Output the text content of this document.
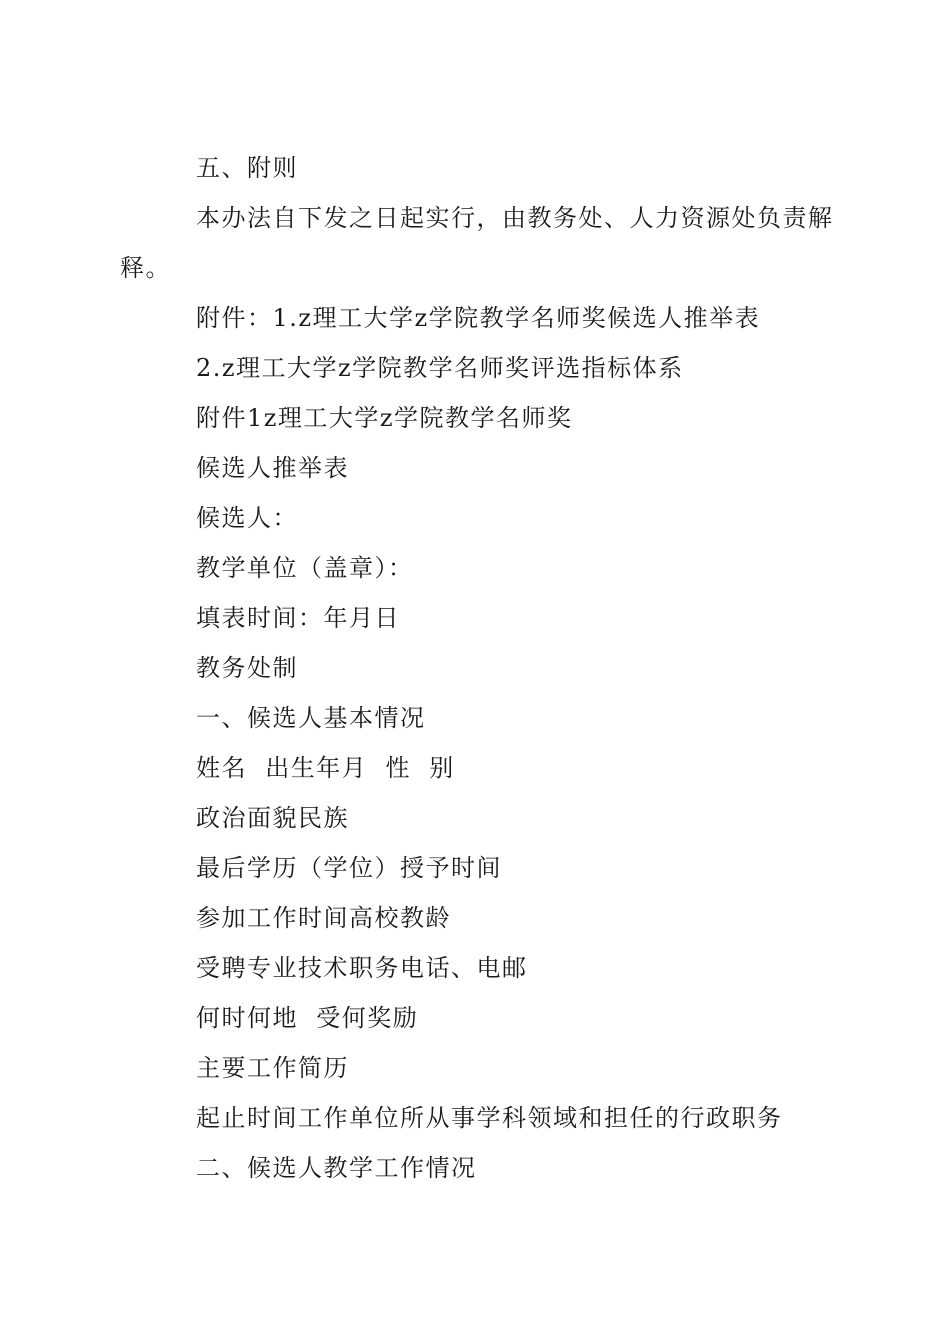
五、附则
本办法自下发之日起实行，由教务处、人力资源处负责解
释。
附件：1.z理工大学z学院教学名师奖候选人推举表
2.z理工大学z学院教学名师奖评选指标体系
附件1z理工大学z学院教学名师奖
候选人推举表
候选人：
教学单位（盖章）：
填表时间：年月日
教务处制
一、候选人基本情况
姓名  出生年月  性  别
政治面貌民族
最后学历（学位）授予时间
参加工作时间高校教龄
受聘专业技术职务电话、电邮
何时何地  受何奖励
主要工作简历
起止时间工作单位所从事学科领域和担任的行政职务
二、候选人教学工作情况
